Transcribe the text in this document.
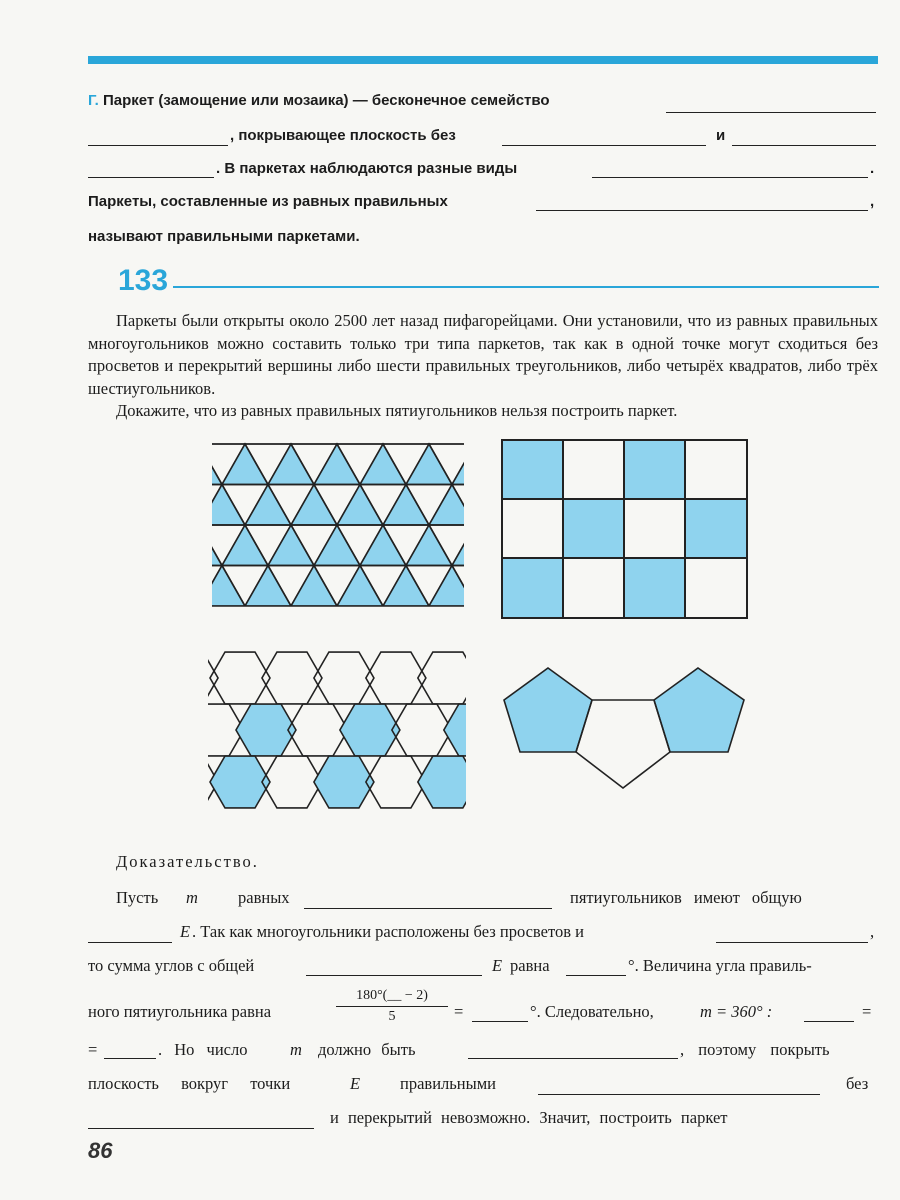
Г. Паркет (замощение или мозаика) — бесконечное семейство
, покрывающее плоскость без	и
. В паркетах наблюдаются разные виды	.
Паркеты, составленные из равных правильных	,
называют правильными паркетами.
133

Паркеты были открыты около 2500 лет назад пифагорейцами. Они установили, что из равных правильных многоугольников можно составить только три типа паркетов, так как в одной точке могут сходиться без просветов и перекрытий вершины либо шести правильных треугольников, либо четырёх квадратов, либо трёх шестиугольников.

Докажите, что из равных правильных пятиугольников нельзя построить паркет.

Доказательство.
Пусть m равных	пятиугольников имеют общую
E . Так как многоугольники расположены без просветов и	,
то сумма углов с общей	E равна	°. Величина угла правиль-
ного пятиугольника равна
180°(__ − 2)
5	=	°. Следовательно,	m = 360° :	=
=	. Но число	m должно быть	, поэтому покрыть
плоскость вокруг точки	E правильными	без
и перекрытий невозможно. Значит, построить паркет
86
